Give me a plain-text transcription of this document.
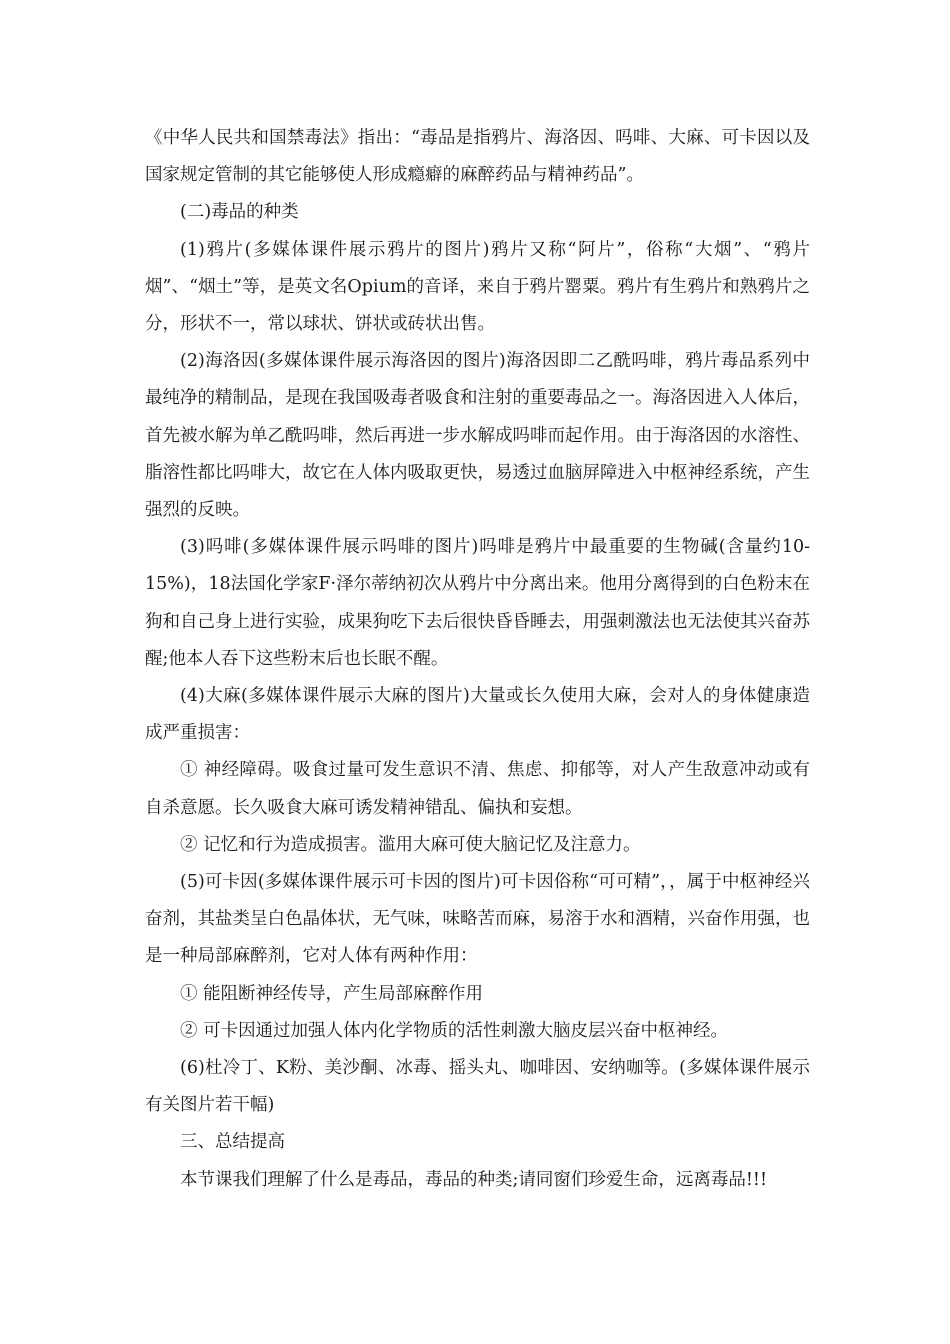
《中华人民共和国禁毒法》指出：“毒品是指鸦片、海洛因、吗啡、大麻、可卡因以及国家规定管制的其它能够使人形成瘾癖的麻醉药品与精神药品”。

(二)毒品的种类

(1)鸦片(多媒体课件展示鸦片的图片)鸦片又称“阿片”，俗称“大烟”、“鸦片烟”、“烟土”等，是英文名Opium的音译，来自于鸦片罂粟。鸦片有生鸦片和熟鸦片之分，形状不一，常以球状、饼状或砖状出售。

(2)海洛因(多媒体课件展示海洛因的图片)海洛因即二乙酰吗啡，鸦片毒品系列中最纯净的精制品，是现在我国吸毒者吸食和注射的重要毒品之一。海洛因进入人体后，首先被水解为单乙酰吗啡，然后再进一步水解成吗啡而起作用。由于海洛因的水溶性、脂溶性都比吗啡大，故它在人体内吸取更快，易透过血脑屏障进入中枢神经系统，产生强烈的反映。

(3)吗啡(多媒体课件展示吗啡的图片)吗啡是鸦片中最重要的生物碱(含量约10-15%)，18法国化学家F·泽尔蒂纳初次从鸦片中分离出来。他用分离得到的白色粉末在狗和自己身上进行实验，成果狗吃下去后很快昏昏睡去，用强刺激法也无法使其兴奋苏醒;他本人吞下这些粉末后也长眠不醒。

(4)大麻(多媒体课件展示大麻的图片)大量或长久使用大麻，会对人的身体健康造成严重损害：

① 神经障碍。吸食过量可发生意识不清、焦虑、抑郁等，对人产生敌意冲动或有自杀意愿。长久吸食大麻可诱发精神错乱、偏执和妄想。

② 记忆和行为造成损害。滥用大麻可使大脑记忆及注意力。

(5)可卡因(多媒体课件展示可卡因的图片)可卡因俗称“可可精”，，属于中枢神经兴奋剂，其盐类呈白色晶体状，无气味，味略苦而麻，易溶于水和酒精，兴奋作用强，也是一种局部麻醉剂，它对人体有两种作用：

① 能阻断神经传导，产生局部麻醉作用

② 可卡因通过加强人体内化学物质的活性刺激大脑皮层兴奋中枢神经。

(6)杜冷丁、K粉、美沙酮、冰毒、摇头丸、咖啡因、安纳咖等。(多媒体课件展示有关图片若干幅)

三、总结提高

本节课我们理解了什么是毒品，毒品的种类;请同窗们珍爱生命，远离毒品!!!
